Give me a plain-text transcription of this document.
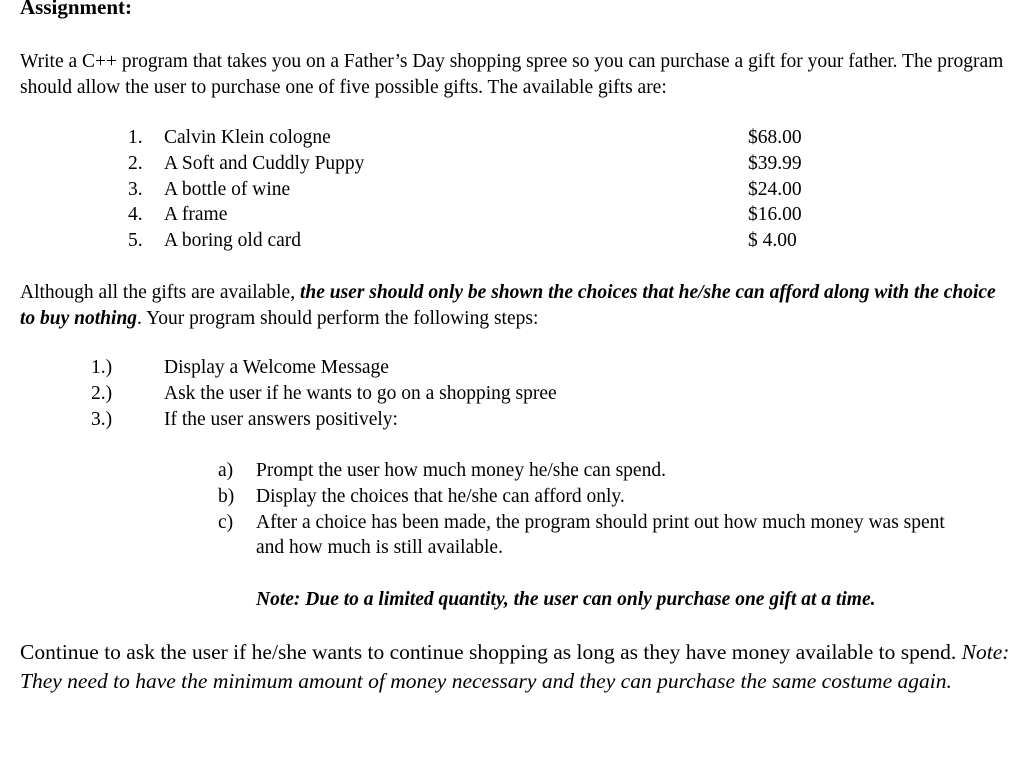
Assignment:

Write a C++ program that takes you on a Father’s Day shopping spree so you can purchase a gift for your father. The program should allow the user to purchase one of five possible gifts. The available gifts are:

1. Calvin Klein cologne	$68.00
2. A Soft and Cuddly Puppy	$39.99
3. A bottle of wine	$24.00
4. A frame	$16.00
5. A boring old card	$ 4.00

Although all the gifts are available, the user should only be shown the choices that he/she can afford along with the choice to buy nothing. Your program should perform the following steps:

1.)	Display a Welcome Message
2.)	Ask the user if he wants to go on a shopping spree
3.)	If the user answers positively:
a) Prompt the user how much money he/she can spend.
b) Display the choices that he/she can afford only.
c) After a choice has been made, the program should print out how much money was spent and how much is still available.

Note: Due to a limited quantity, the user can only purchase one gift at a time.

Continue to ask the user if he/she wants to continue shopping as long as they have money available to spend. Note: They need to have the minimum amount of money necessary and they can purchase the same costume again.
